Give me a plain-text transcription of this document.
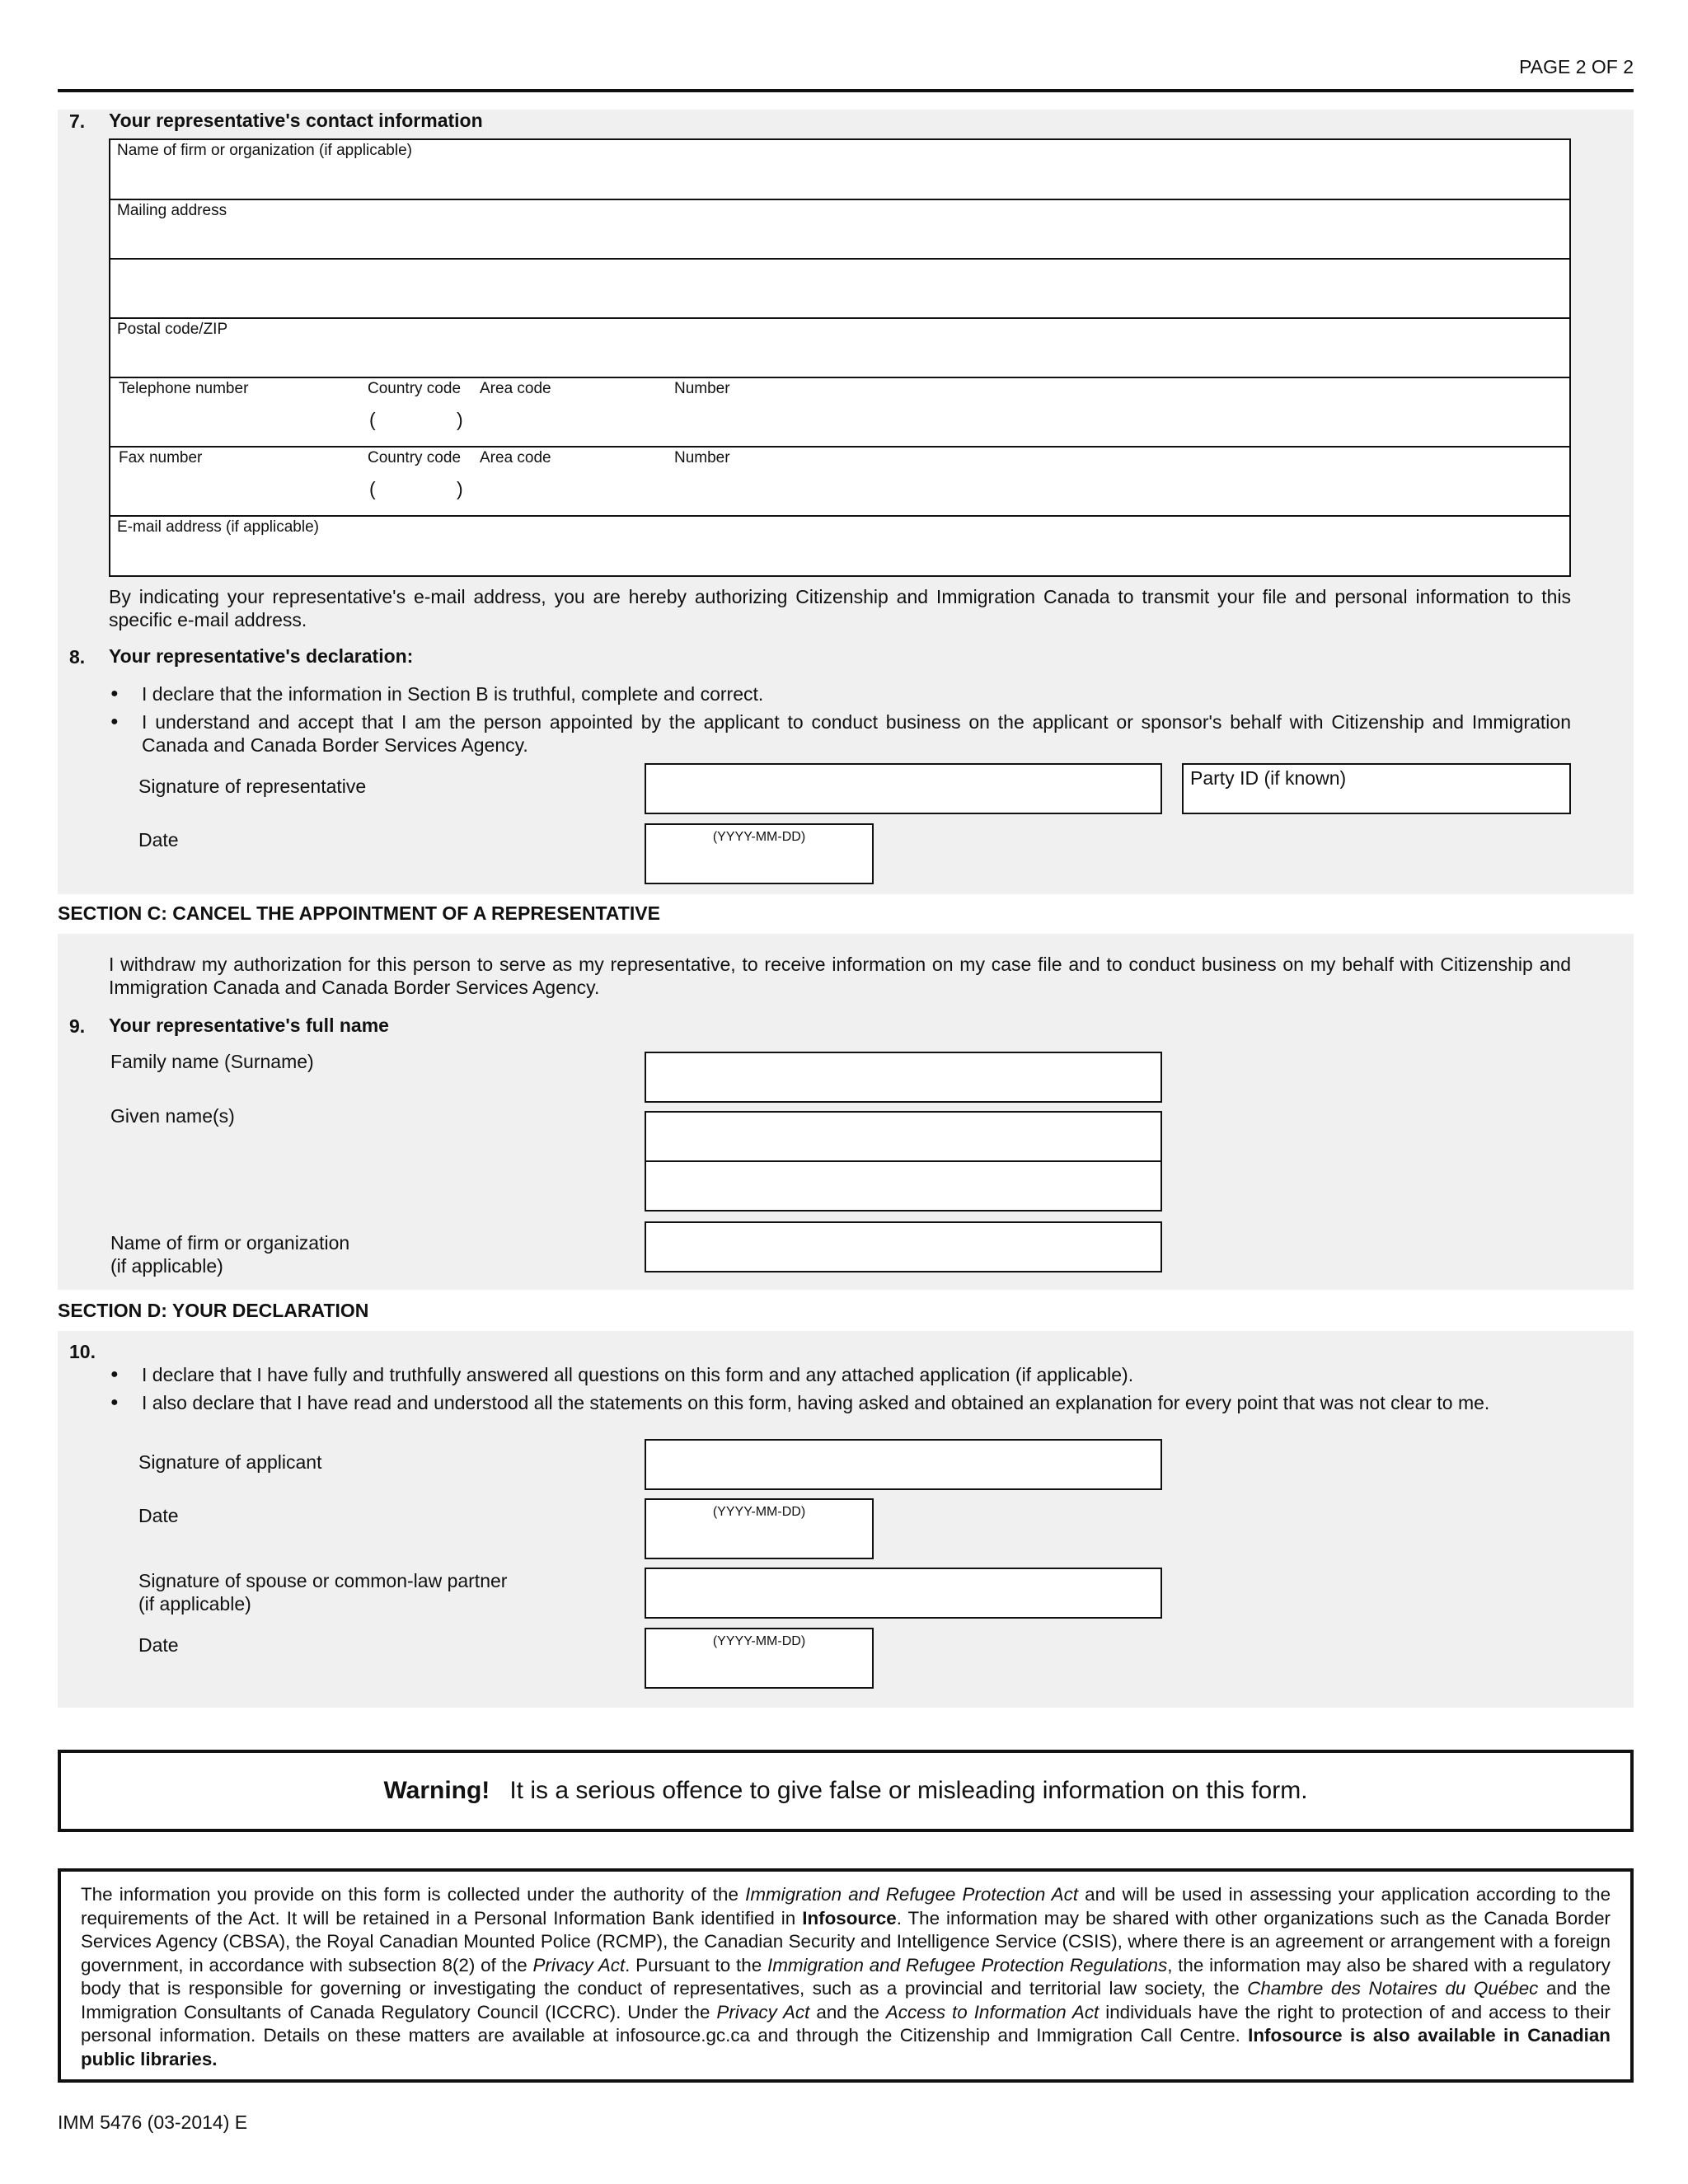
PAGE 2 OF 2
7. Your representative's contact information
Name of firm or organization (if applicable)
Mailing address
Postal code/ZIP
Telephone number	Country code Area code	Number
(	)
Fax number	Country code Area code	Number
(	)
E-mail address (if applicable)
By indicating your representative's e-mail address, you are hereby authorizing Citizenship and Immigration Canada to transmit your file and personal information to this specific e-mail address.
8. Your representative's declaration:
● I declare that the information in Section B is truthful, complete and correct.
● I understand and accept that I am the person appointed by the applicant to conduct business on the applicant or sponsor's behalf with Citizenship and Immigration Canada and Canada Border Services Agency.
Signature of representative	Party ID (if known)
Date	(YYYY-MM-DD)
SECTION C: CANCEL THE APPOINTMENT OF A REPRESENTATIVE
I withdraw my authorization for this person to serve as my representative, to receive information on my case file and to conduct business on my behalf with Citizenship and Immigration Canada and Canada Border Services Agency.
9. Your representative's full name
Family name (Surname)
Given name(s)
Name of firm or organization
(if applicable)
SECTION D: YOUR DECLARATION
10.
● I declare that I have fully and truthfully answered all questions on this form and any attached application (if applicable).
● I also declare that I have read and understood all the statements on this form, having asked and obtained an explanation for every point that was not clear to me.
Signature of applicant
Date	(YYYY-MM-DD)
Signature of spouse or common-law partner
(if applicable)
Date	(YYYY-MM-DD)
Warning! It is a serious offence to give false or misleading information on this form.
The information you provide on this form is collected under the authority of the Immigration and Refugee Protection Act and will be used in assessing your application according to the requirements of the Act. It will be retained in a Personal Information Bank identified in Infosource. The information may be shared with other organizations such as the Canada Border Services Agency (CBSA), the Royal Canadian Mounted Police (RCMP), the Canadian Security and Intelligence Service (CSIS), where there is an agreement or arrangement with a foreign government, in accordance with subsection 8(2) of the Privacy Act. Pursuant to the Immigration and Refugee Protection Regulations, the information may also be shared with a regulatory body that is responsible for governing or investigating the conduct of representatives, such as a provincial and territorial law society, the Chambre des Notaires du Québec and the Immigration Consultants of Canada Regulatory Council (ICCRC). Under the Privacy Act and the Access to Information Act individuals have the right to protection of and access to their personal information. Details on these matters are available at infosource.gc.ca and through the Citizenship and Immigration Call Centre. Infosource is also available in Canadian public libraries.
IMM 5476 (03-2014) E
